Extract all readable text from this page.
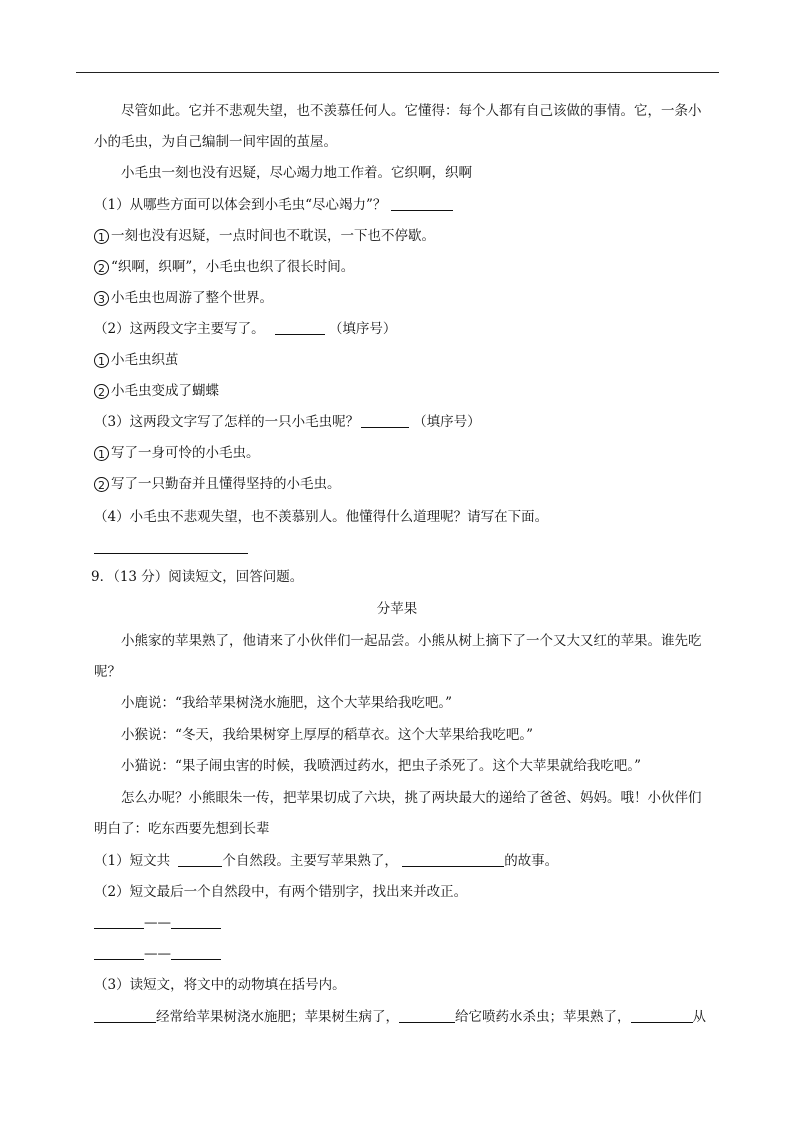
尽管如此。它并不悲观失望，也不羡慕任何人。它懂得：每个人都有自己该做的事情。它，一条小
小的毛虫，为自己编制一间牢固的茧屋。
小毛虫一刻也没有迟疑，尽心竭力地工作着。它织啊，织啊
（1）从哪些方面可以体会到小毛虫“尽心竭力”？
1 一刻也没有迟疑，一点时间也不耽误，一下也不停歇。
2 “织啊，织啊”，小毛虫也织了很长时间。
3 小毛虫也周游了整个世界。
（2）这两段文字主要写了。	（填序号）
1 小毛虫织茧
2 小毛虫变成了蝴蝶
（3）这两段文字写了怎样的一只小毛虫呢？	（填序号）
1 写了一身可怜的小毛虫。
2 写了一只勤奋并且懂得坚持的小毛虫。
（4）小毛虫不悲观失望，也不羡慕别人。他懂得什么道理呢？请写在下面。
9．（13 分）阅读短文，回答问题。
分苹果
小熊家的苹果熟了，他请来了小伙伴们一起品尝。小熊从树上摘下了一个又大又红的苹果。谁先吃
呢？
小鹿说：“我给苹果树浇水施肥，这个大苹果给我吃吧。”
小猴说：“冬天，我给果树穿上厚厚的稻草衣。这个大苹果给我吃吧。”
小猫说：“果子闹虫害的时候，我喷洒过药水，把虫子杀死了。这个大苹果就给我吃吧。”
怎么办呢？小熊眼朱一传，把苹果切成了六块，挑了两块最大的递给了爸爸、妈妈。哦！小伙伴们
明白了：吃东西要先想到长辈
（1）短文共	个自然段。主要写苹果熟了，	的故事。
（2）短文最后一个自然段中，有两个错别字，找出来并改正。
——
——
（3）读短文，将文中的动物填在括号内。
经常给苹果树浇水施肥；苹果树生病了，	给它喷药水杀虫；苹果熟了，	从
